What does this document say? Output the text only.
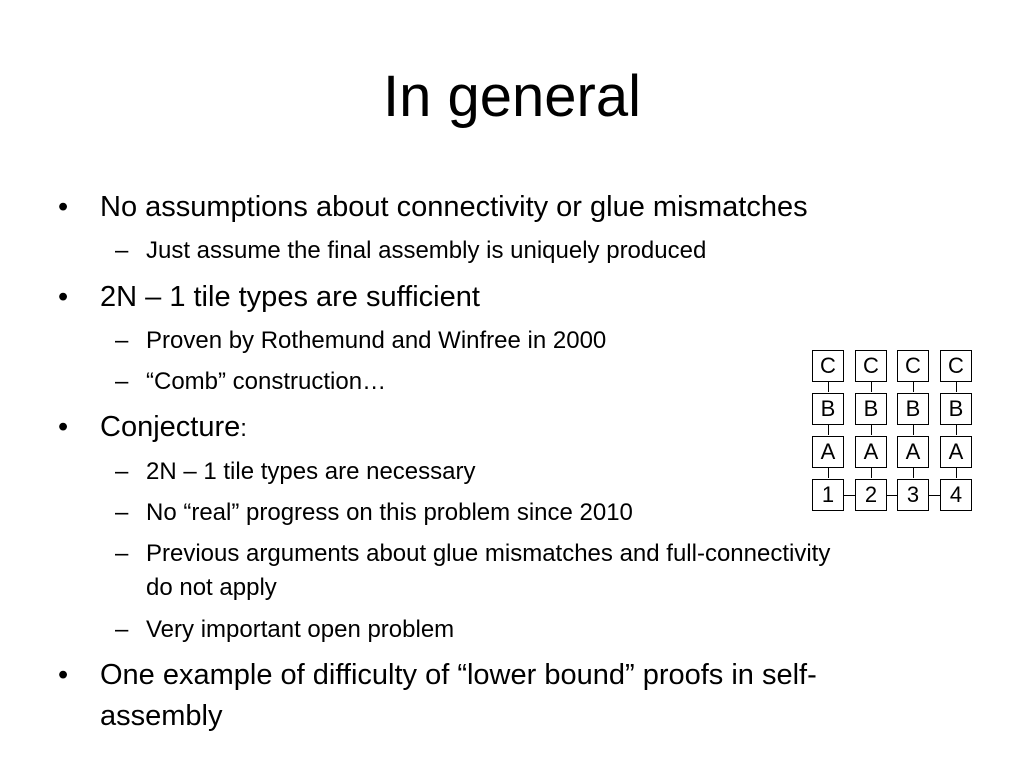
In general
• No assumptions about connectivity or glue mismatches
– Just assume the final assembly is uniquely produced
• 2N – 1 tile types are sufficient
– Proven by Rothemund and Winfree in 2000
– “Comb” construction…
• Conjecture:
– 2N – 1 tile types are necessary
– No “real” progress on this problem since 2010
– Previous arguments about glue mismatches and full-connectivity
do not apply
– Very important open problem
• One example of difficulty of “lower bound” proofs in self-
assembly
C	C	C	C
B	B	B	B
A	A	A	A
1	2	3	4
